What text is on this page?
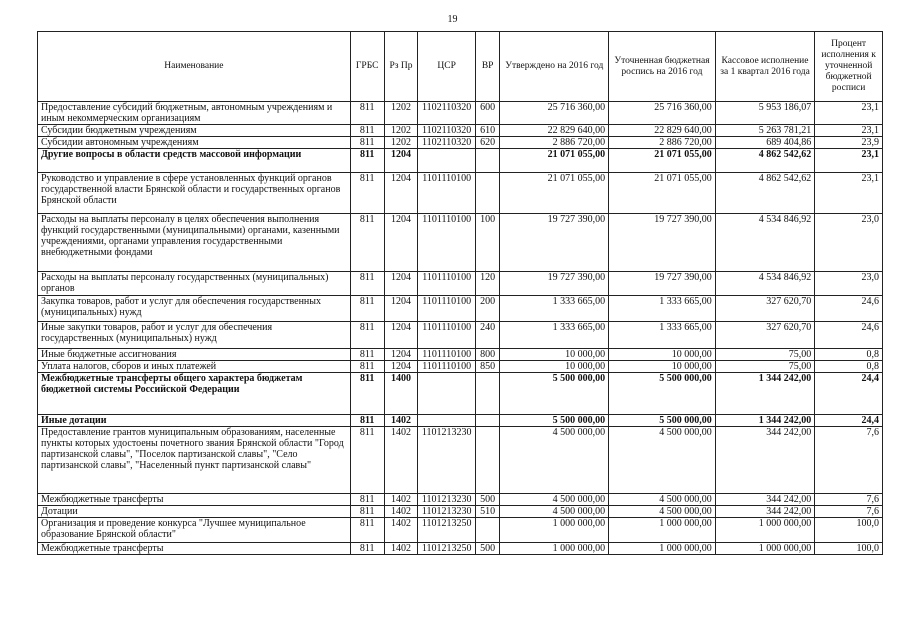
19
Наименование	ГРБС	Рз Пр	ЦСР	ВР	Утверждено на 2016 год	Уточненная бюджетная роспись на 2016 год	Кассовое исполнение за 1 квартал 2016 года	Процент исполнения к уточненной бюджетной росписи
Предоставление субсидий бюджетным, автономным учреждениям и иным некоммерческим организациям	811	1202	1102110320	600	25 716 360,00	25 716 360,00	5 953 186,07	23,1
Субсидии бюджетным учреждениям	811	1202	1102110320	610	22 829 640,00	22 829 640,00	5 263 781,21	23,1
Субсидии автономным учреждениям	811	1202	1102110320	620	2 886 720,00	2 886 720,00	689 404,86	23,9
Другие вопросы в области средств массовой информации	811	1204			21 071 055,00	21 071 055,00	4 862 542,62	23,1
Руководство и управление в сфере установленных функций органов государственной власти Брянской области и государственных органов Брянской области	811	1204	1101110100		21 071 055,00	21 071 055,00	4 862 542,62	23,1
Расходы на выплаты персоналу в целях обеспечения выполнения функций государственными (муниципальными) органами, казенными учреждениями, органами управления государственными внебюджетными фондами	811	1204	1101110100	100	19 727 390,00	19 727 390,00	4 534 846,92	23,0
Расходы на выплаты персоналу государственных (муниципальных) органов	811	1204	1101110100	120	19 727 390,00	19 727 390,00	4 534 846,92	23,0
Закупка товаров, работ и услуг для обеспечения государственных (муниципальных) нужд	811	1204	1101110100	200	1 333 665,00	1 333 665,00	327 620,70	24,6
Иные закупки товаров, работ и услуг для обеспечения государственных (муниципальных) нужд	811	1204	1101110100	240	1 333 665,00	1 333 665,00	327 620,70	24,6
Иные бюджетные ассигнования	811	1204	1101110100	800	10 000,00	10 000,00	75,00	0,8
Уплата налогов, сборов и иных платежей	811	1204	1101110100	850	10 000,00	10 000,00	75,00	0,8
Межбюджетные трансферты общего характера бюджетам бюджетной системы Российской Федерации	811	1400			5 500 000,00	5 500 000,00	1 344 242,00	24,4
Иные дотации	811	1402			5 500 000,00	5 500 000,00	1 344 242,00	24,4
Предоставление грантов муниципальным образованиям, населенные пункты которых удостоены почетного звания Брянской области "Город партизанской славы", "Поселок партизанской славы", "Село партизанской славы", "Населенный пункт партизанской славы"	811	1402	1101213230		4 500 000,00	4 500 000,00	344 242,00	7,6
Межбюджетные трансферты	811	1402	1101213230	500	4 500 000,00	4 500 000,00	344 242,00	7,6
Дотации	811	1402	1101213230	510	4 500 000,00	4 500 000,00	344 242,00	7,6
Организация и проведение конкурса "Лучшее муниципальное образование Брянской области"	811	1402	1101213250		1 000 000,00	1 000 000,00	1 000 000,00	100,0
Межбюджетные трансферты	811	1402	1101213250	500	1 000 000,00	1 000 000,00	1 000 000,00	100,0
